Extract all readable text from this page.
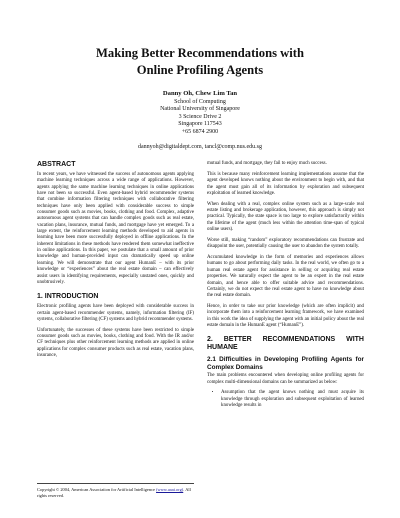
Making Better Recommendations with
Online Profiling Agents
Danny Oh, Chew Lim Tan
School of Computing
National University of Singapore
3 Science Drive 2
Singapore 117543
+65 6874 2900
dannyoh@digitaldept.com, tancl@comp.nus.edu.sg
ABSTRACT

In recent years, we have witnessed the success of autonomous agents applying machine learning techniques across a wide range of applications. However, agents applying the same machine learning techniques in online applications have not been so successful. Even agent-based hybrid recommender systems that combine information filtering techniques with collaborative filtering techniques have only been applied with considerable success to simple consumer goods such as movies, books, clothing and food. Complex, adaptive autonomous agent systems that can handle complex goods such as real estate, vacation plans, insurance, mutual funds, and mortgage have yet emerged. To a large extent, the reinforcement learning methods developed to aid agents in learning have been more successfully deployed in offline applications. In the inherent limitations in these methods have rendered them somewhat ineffective in online applications. In this paper, we postulate that a small amount of prior knowledge and human-provided input can dramatically speed up online learning. We will demonstrate that our agent HumanE – with its prior knowledge or “experiences” about the real estate domain – can effectively assist users in identifying requirements, especially unstated ones, quickly and unobtrusively.

1. INTRODUCTION

Electronic profiling agents have been deployed with considerable success in certain agent-based recommender systems, namely, information filtering (IF) systems, collaborative filtering (CF) systems and hybrid recommender systems.

Unfortunately, the successes of these systems have been restricted to simple consumer goods such as movies, books, clothing and food. With the IR and/or CF techniques plus other reinforcement learning methods are applied in online applications for complex consumer products such as real estate, vacation plans, insurance,

Copyright © 2004, American Association for Artificial Intelligence (www.aaai.org). All rights reserved.

mutual funds, and mortgage, they fail to enjoy much success.

This is because many reinforcement learning implementations assume that the agent developed knows nothing about the environment to begin with, and that the agent must gain all of its information by exploration and subsequent exploitation of learned knowledge.

When dealing with a real, complex online system such as a large-scale real estate listing and brokerage application, however, this approach is simply not practical. Typically, the state space is too large to explore satisfactorily within the lifetime of the agent (much less within the attention time-span of typical online users).

Worse still, making “random” exploratory recommendations can frustrate and disappoint the user, potentially causing the user to abandon the system totally.

Accumulated knowledge in the form of memories and experiences allows humans to go about performing daily tasks. In the real world, we often go to a human real estate agent for assistance in selling or acquiring real estate properties. We naturally expect the agent to be an expert in the real estate domain, and hence able to offer suitable advice and recommendations. Certainly, we do not expect the real estate agent to have no knowledge about the real estate domain.

Hence, in order to take our prior knowledge (which are often implicit) and incorporate them into a reinforcement learning framework, we have examined in this work the idea of supplying the agent with an initial policy about the real estate domain in the HumanE agent (“HumanE”).

2. BETTER RECOMMENDATIONS WITH HUMANE
2.1 Difficulties in Developing Profiling Agents for Complex Domains

The main problems encountered when developing online profiling agents for complex multi-dimensional domains can be summarized as below:

• Assumption that the agent knows nothing and must acquire its knowledge through exploration and subsequent exploitation of learned knowledge results in
